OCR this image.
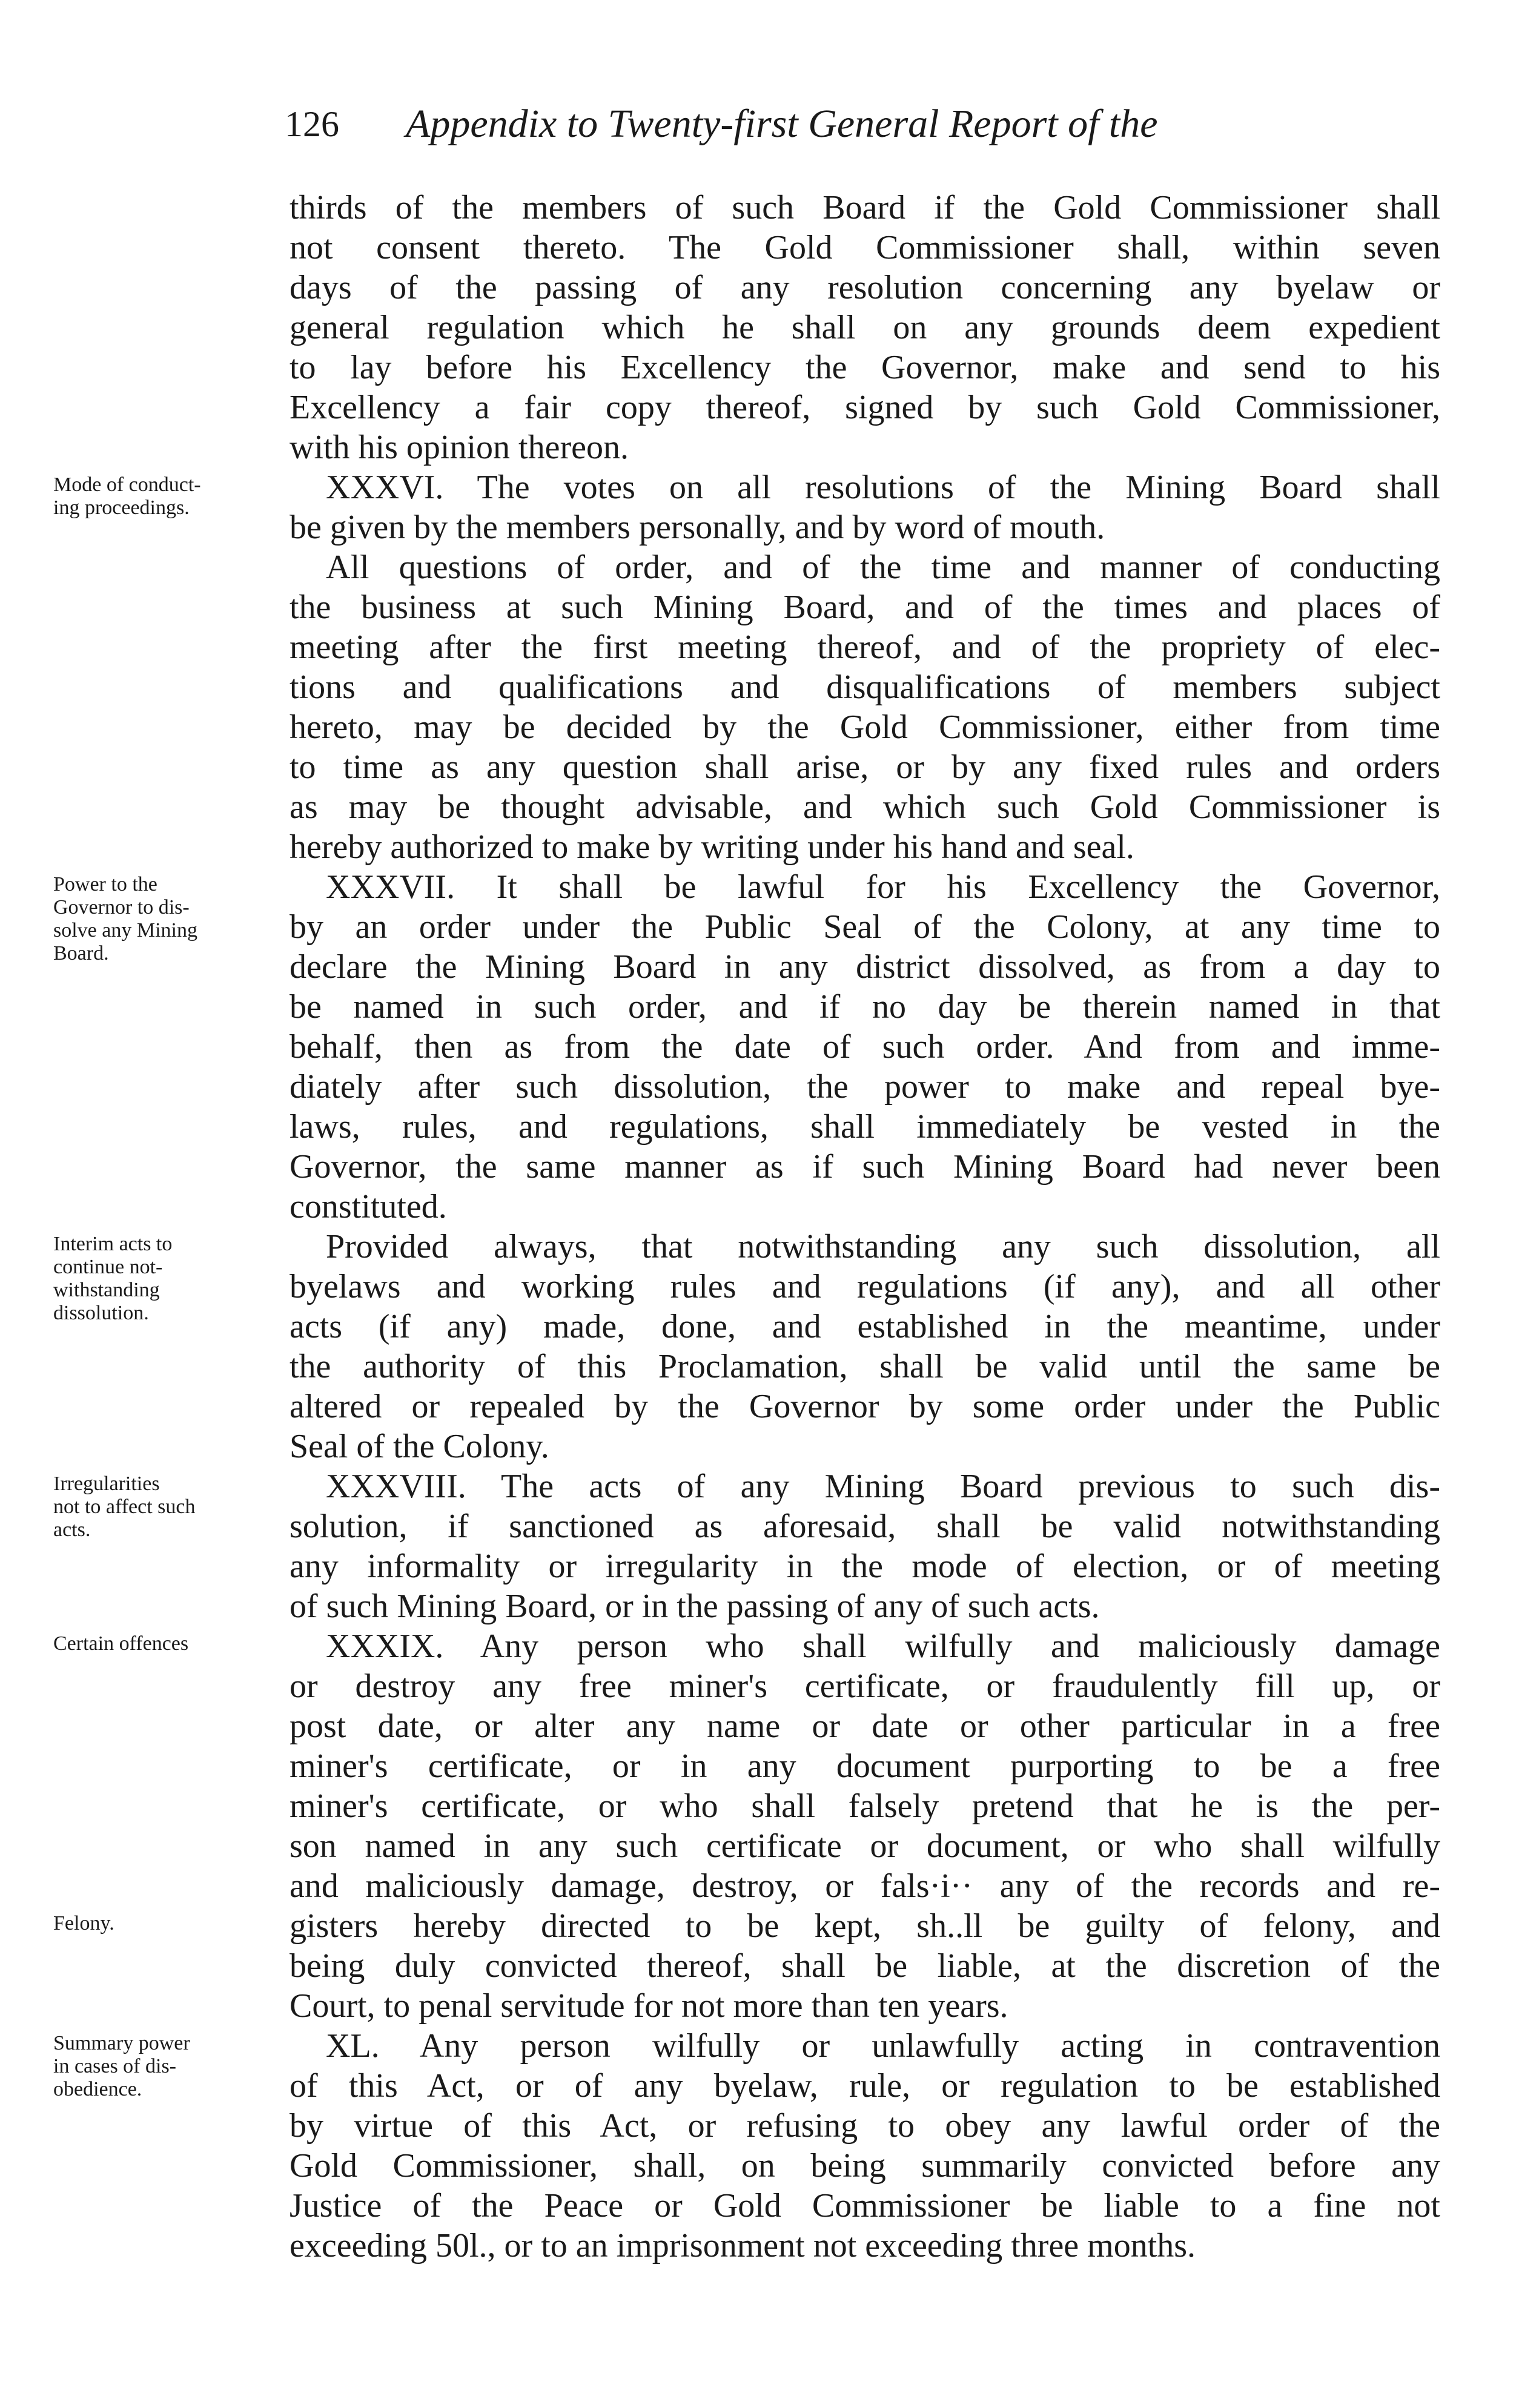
126 Appendix to Twenty-first General Report of the
thirds of the members of such Board if the Gold Commissioner shall
not consent thereto. The Gold Commissioner shall, within seven
days of the passing of any resolution concerning any byelaw or
general regulation which he shall on any grounds deem expedient
to lay before his Excellency the Governor, make and send to his
Excellency a fair copy thereof, signed by such Gold Commissioner,
with his opinion thereon.
XXXVI. The votes on all resolutions of the Mining Board shall
be given by the members personally, and by word of mouth.
All questions of order, and of the time and manner of conducting
the business at such Mining Board, and of the times and places of
meeting after the first meeting thereof, and of the propriety of elec-
tions and qualifications and disqualifications of members subject
hereto, may be decided by the Gold Commissioner, either from time
to time as any question shall arise, or by any fixed rules and orders
as may be thought advisable, and which such Gold Commissioner is
hereby authorized to make by writing under his hand and seal.
XXXVII. It shall be lawful for his Excellency the Governor,
by an order under the Public Seal of the Colony, at any time to
declare the Mining Board in any district dissolved, as from a day to
be named in such order, and if no day be therein named in that
behalf, then as from the date of such order. And from and imme-
diately after such dissolution, the power to make and repeal bye-
laws, rules, and regulations, shall immediately be vested in the
Governor, the same manner as if such Mining Board had never been
constituted.
Provided always, that notwithstanding any such dissolution, all
byelaws and working rules and regulations (if any), and all other
acts (if any) made, done, and established in the meantime, under
the authority of this Proclamation, shall be valid until the same be
altered or repealed by the Governor by some order under the Public
Seal of the Colony.
XXXVIII. The acts of any Mining Board previous to such dis-
solution, if sanctioned as aforesaid, shall be valid notwithstanding
any informality or irregularity in the mode of election, or of meeting
of such Mining Board, or in the passing of any of such acts.
XXXIX. Any person who shall wilfully and maliciously damage
or destroy any free miner's certificate, or fraudulently fill up, or
post date, or alter any name or date or other particular in a free
miner's certificate, or in any document purporting to be a free
miner's certificate, or who shall falsely pretend that he is the per-
son named in any such certificate or document, or who shall wilfully
and maliciously damage, destroy, or fals·i·· any of the records and re-
gisters hereby directed to be kept, sh..ll be guilty of felony, and
being duly convicted thereof, shall be liable, at the discretion of the
Court, to penal servitude for not more than ten years.
XL. Any person wilfully or unlawfully acting in contravention
of this Act, or of any byelaw, rule, or regulation to be established
by virtue of this Act, or refusing to obey any lawful order of the
Gold Commissioner, shall, on being summarily convicted before any
Justice of the Peace or Gold Commissioner be liable to a fine not
exceeding 50l., or to an imprisonment not exceeding three months.
Mode of conduct-
ing proceedings.
Power to the
Governor to dis-
solve any Mining
Board.
Interim acts to
continue not-
withstanding
dissolution.
Irregularities
not to affect such
acts.
Certain offences
Felony.
Summary power
in cases of dis-
obedience.
